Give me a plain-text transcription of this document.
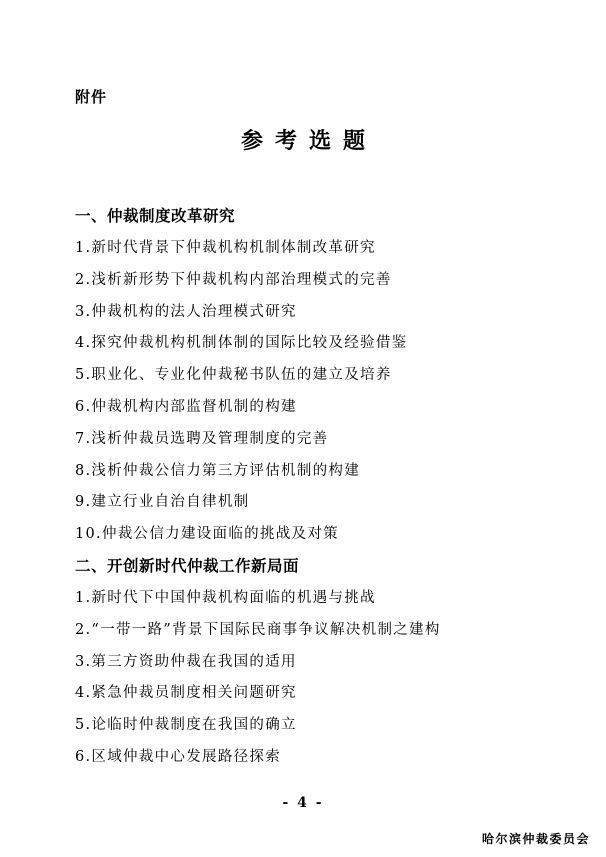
附件
参考选题
一、仲裁制度改革研究
1.新时代背景下仲裁机构机制体制改革研究
2.浅析新形势下仲裁机构内部治理模式的完善
3.仲裁机构的法人治理模式研究
4.探究仲裁机构机制体制的国际比较及经验借鉴
5.职业化、专业化仲裁秘书队伍的建立及培养
6.仲裁机构内部监督机制的构建
7.浅析仲裁员选聘及管理制度的完善
8.浅析仲裁公信力第三方评估机制的构建
9.建立行业自治自律机制
10.仲裁公信力建设面临的挑战及对策
二、开创新时代仲裁工作新局面
1.新时代下中国仲裁机构面临的机遇与挑战
2.“一带一路”背景下国际民商事争议解决机制之建构
3.第三方资助仲裁在我国的适用
4.紧急仲裁员制度相关问题研究
5.论临时仲裁制度在我国的确立
6.区域仲裁中心发展路径探索
- 4 -
哈尔滨仲裁委员会
